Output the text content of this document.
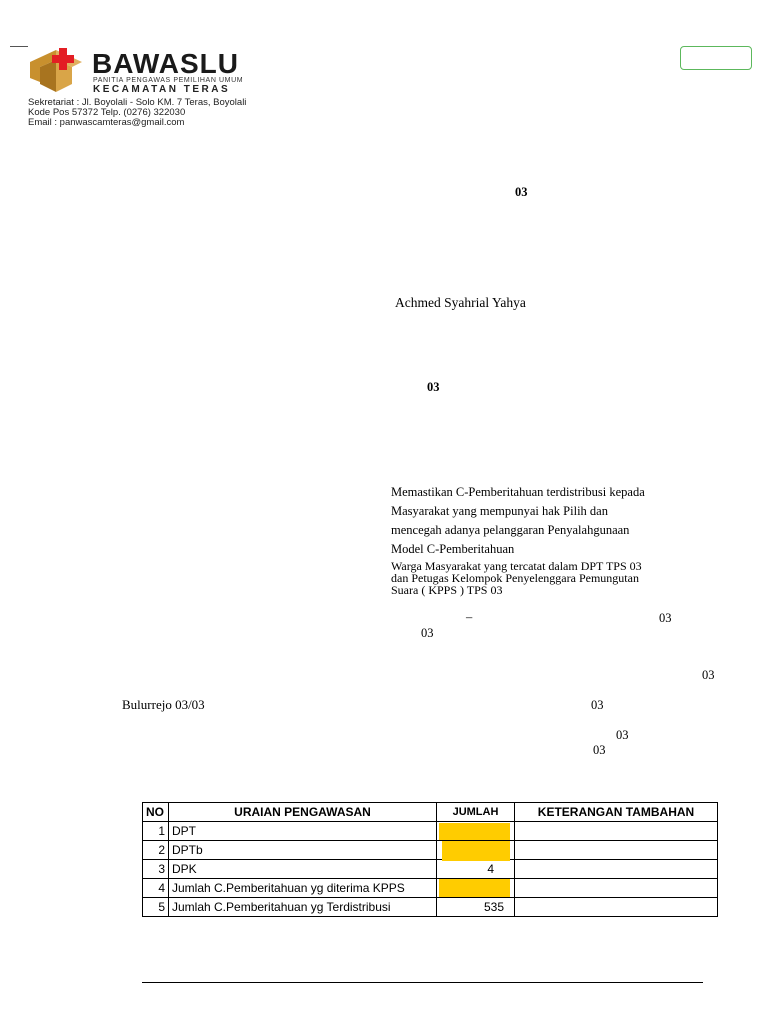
BAWASLU
PANITIA PENGAWAS PEMILIHAN UMUM
KECAMATAN TERAS
Sekretariat : Jl. Boyolali - Solo KM. 7 Teras, Boyolali
Kode Pos 57372 Telp. (0276) 322030
Email : panwascamteras@gmail.com
03
Achmed Syahrial Yahya
03
Memastikan C-Pemberitahuan terdistribusi kepada
Masyarakat yang mempunyai hak Pilih dan
mencegah adanya pelanggaran Penyalahgunaan
Model C-Pemberitahuan
Warga Masyarakat yang tercatat dalam DPT TPS 03
dan Petugas Kelompok Penyelenggara Pemungutan
Suara ( KPPS ) TPS 03
–	03
03
03
Bulurrejo 03/03	03
03
03
NO	URAIAN PENGAWASAN	JUMLAH	KETERANGAN TAMBAHAN
1	DPT	

2	DPTb	

3	DPK	4	
4	Jumlah C.Pemberitahuan yg diterima KPPS	

5	Jumlah C.Pemberitahuan yg Terdistribusi	535	
